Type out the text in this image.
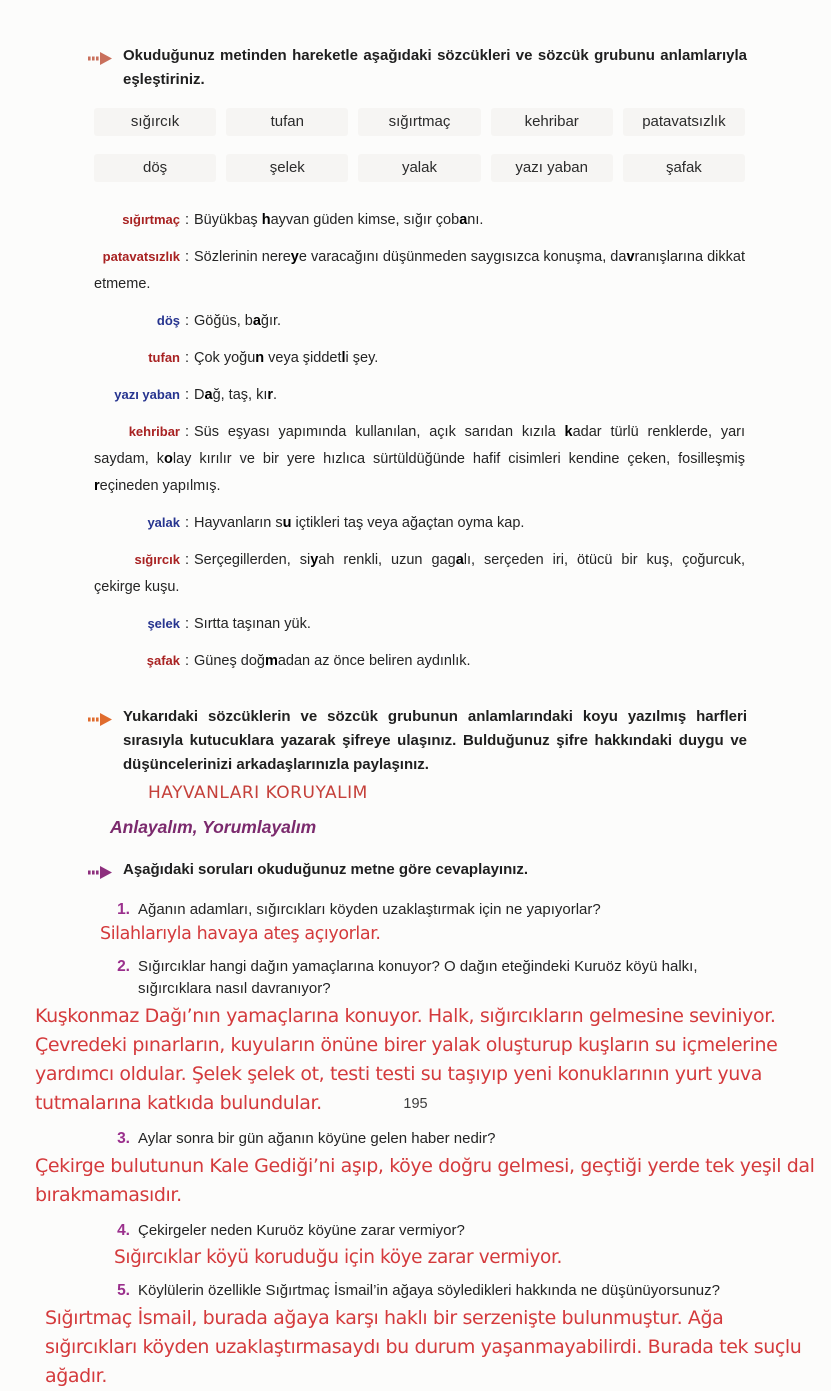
Okuduğunuz metinden hareketle aşağıdaki sözcükleri ve sözcük grubunu anlamlarıyla eşleştiriniz.
sığırcık	tufan	sığırtmaç	kehribar	patavatsızlık
döş	şelek	yalak	yazı yaban	şafak

sığırtmaç : Büyükbaş hayvan güden kimse, sığır çobanı.

patavatsızlık : Sözlerinin nereye varacağını düşünmeden saygısızca konuşma, davranışlarına dikkat etmeme.

döş : Göğüs, bağır.

tufan : Çok yoğun veya şiddetli şey.

yazı yaban : Dağ, taş, kır.

kehribar : Süs eşyası yapımında kullanılan, açık sarıdan kızıla kadar türlü renklerde, yarı saydam, kolay kırılır ve bir yere hızlıca sürtüldüğünde hafif cisimleri kendine çeken, fosilleşmiş reçineden yapılmış.

yalak : Hayvanların su içtikleri taş veya ağaçtan oyma kap.

sığırcık : Serçegillerden, siyah renkli, uzun gagalı, serçeden iri, ötücü bir kuş, çoğurcuk, çekirge kuşu.

şelek : Sırtta taşınan yük.

şafak : Güneş doğmadan az önce beliren aydınlık.

Yukarıdaki sözcüklerin ve sözcük grubunun anlamlarındaki koyu yazılmış harfleri sırasıyla kutucuklara yazarak şifreye ulaşınız. Bulduğunuz şifre hakkındaki duygu ve düşüncelerinizi arkadaşlarınızla paylaşınız.
HAYVANLARI KORUYALIM
Anlayalım, Yorumlayalım
Aşağıdaki soruları okuduğunuz metne göre cevaplayınız.
1. Ağanın adamları, sığırcıkları köyden uzaklaştırmak için ne yapıyorlar?
Silahlarıyla havaya ateş açıyorlar.
2. Sığırcıklar hangi dağın yamaçlarına konuyor? O dağın eteğindeki Kuruöz köyü halkı, sığırcıklara nasıl davranıyor?
Kuşkonmaz Dağı’nın yamaçlarına konuyor. Halk, sığırcıkların gelmesine seviniyor. Çevredeki pınarların, kuyuların önüne birer yalak oluşturup kuşların su içmelerine yardımcı oldular. Şelek şelek ot, testi testi su taşıyıp yeni konuklarının yurt yuva tutmalarına katkıda bulundular.
3. Aylar sonra bir gün ağanın köyüne gelen haber nedir?
Çekirge bulutunun Kale Gediği’ni aşıp, köye doğru gelmesi, geçtiği yerde tek yeşil dal bırakmamasıdır.
4. Çekirgeler neden Kuruöz köyüne zarar vermiyor?
Sığırcıklar köyü koruduğu için köye zarar vermiyor.
5. Köylülerin özellikle Sığırtmaç İsmail’in ağaya söyledikleri hakkında ne düşünüyorsunuz?
Sığırtmaç İsmail, burada ağaya karşı haklı bir serzenişte bulunmuştur. Ağa sığırcıkları köyden uzaklaştırmasaydı bu durum yaşanmayabilirdi. Burada tek suçlu ağadır.
195
